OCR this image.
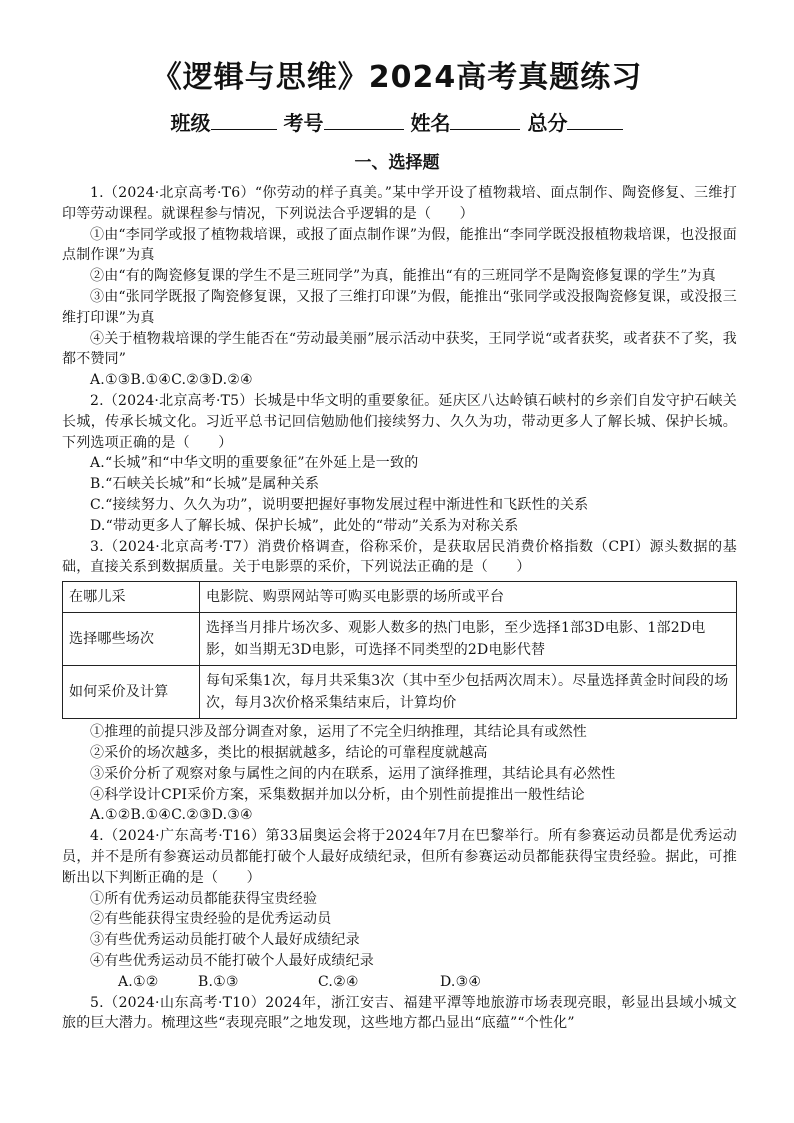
《逻辑与思维》2024高考真题练习
班级	考号	姓名	总分
一、选择题

1.（2024·北京高考·T6）“你劳动的样子真美。”某中学开设了植物栽培、面点制作、陶瓷修复、三维打印等劳动课程。就课程参与情况，下列说法合乎逻辑的是（　　）

①由“李同学或报了植物栽培课，或报了面点制作课”为假，能推出“李同学既没报植物栽培课，也没报面点制作课”为真

②由“有的陶瓷修复课的学生不是三班同学”为真，能推出“有的三班同学不是陶瓷修复课的学生”为真

③由“张同学既报了陶瓷修复课，又报了三维打印课”为假，能推出“张同学或没报陶瓷修复课，或没报三维打印课”为真

④关于植物栽培课的学生能否在“劳动最美丽”展示活动中获奖，王同学说“或者获奖，或者获不了奖，我都不赞同”

A.①③B.①④C.②③D.②④

2.（2024·北京高考·T5）长城是中华文明的重要象征。延庆区八达岭镇石峡村的乡亲们自发守护石峡关长城，传承长城文化。习近平总书记回信勉励他们接续努力、久久为功，带动更多人了解长城、保护长城。下列选项正确的是（　　）

A.“长城”和“中华文明的重要象征”在外延上是一致的

B.“石峡关长城”和“长城”是属种关系

C.“接续努力、久久为功”，说明要把握好事物发展过程中渐进性和飞跃性的关系

D.“带动更多人了解长城、保护长城”，此处的“带动”关系为对称关系

3.（2024·北京高考·T7）消费价格调查，俗称采价，是获取居民消费价格指数（CPI）源头数据的基础，直接关系到数据质量。关于电影票的采价，下列说法正确的是（　　）

在哪儿采	电影院、购票网站等可购买电影票的场所或平台
选择哪些场次	选择当月排片场次多、观影人数多的热门电影，至少选择1部3D电影、1部2D电影，如当期无3D电影，可选择不同类型的2D电影代替
如何采价及计算	每旬采集1次，每月共采集3次（其中至少包括两次周末）。尽量选择黄金时间段的场次，每月3次价格采集结束后，计算均价

①推理的前提只涉及部分调查对象，运用了不完全归纳推理，其结论具有或然性

②采价的场次越多，类比的根据就越多，结论的可靠程度就越高

③采价分析了观察对象与属性之间的内在联系，运用了演绎推理，其结论具有必然性

④科学设计CPI采价方案，采集数据并加以分析，由个别性前提推出一般性结论

A.①②B.①④C.②③D.③④

4.（2024·广东高考·T16）第33届奥运会将于2024年7月在巴黎举行。所有参赛运动员都是优秀运动员，并不是所有参赛运动员都能打破个人最好成绩纪录，但所有参赛运动员都能获得宝贵经验。据此，可推断出以下判断正确的是（　　）

①所有优秀运动员都能获得宝贵经验

②有些能获得宝贵经验的是优秀运动员

③有些优秀运动员能打破个人最好成绩纪录

④有些优秀运动员不能打破个人最好成绩纪录

A.①②	B.①③	C.②④	D.③④

5.（2024·山东高考·T10）2024年，浙江安吉、福建平潭等地旅游市场表现亮眼，彰显出县域小城文旅的巨大潜力。梳理这些“表现亮眼”之地发现，这些地方都凸显出“底蕴”“个性化”
